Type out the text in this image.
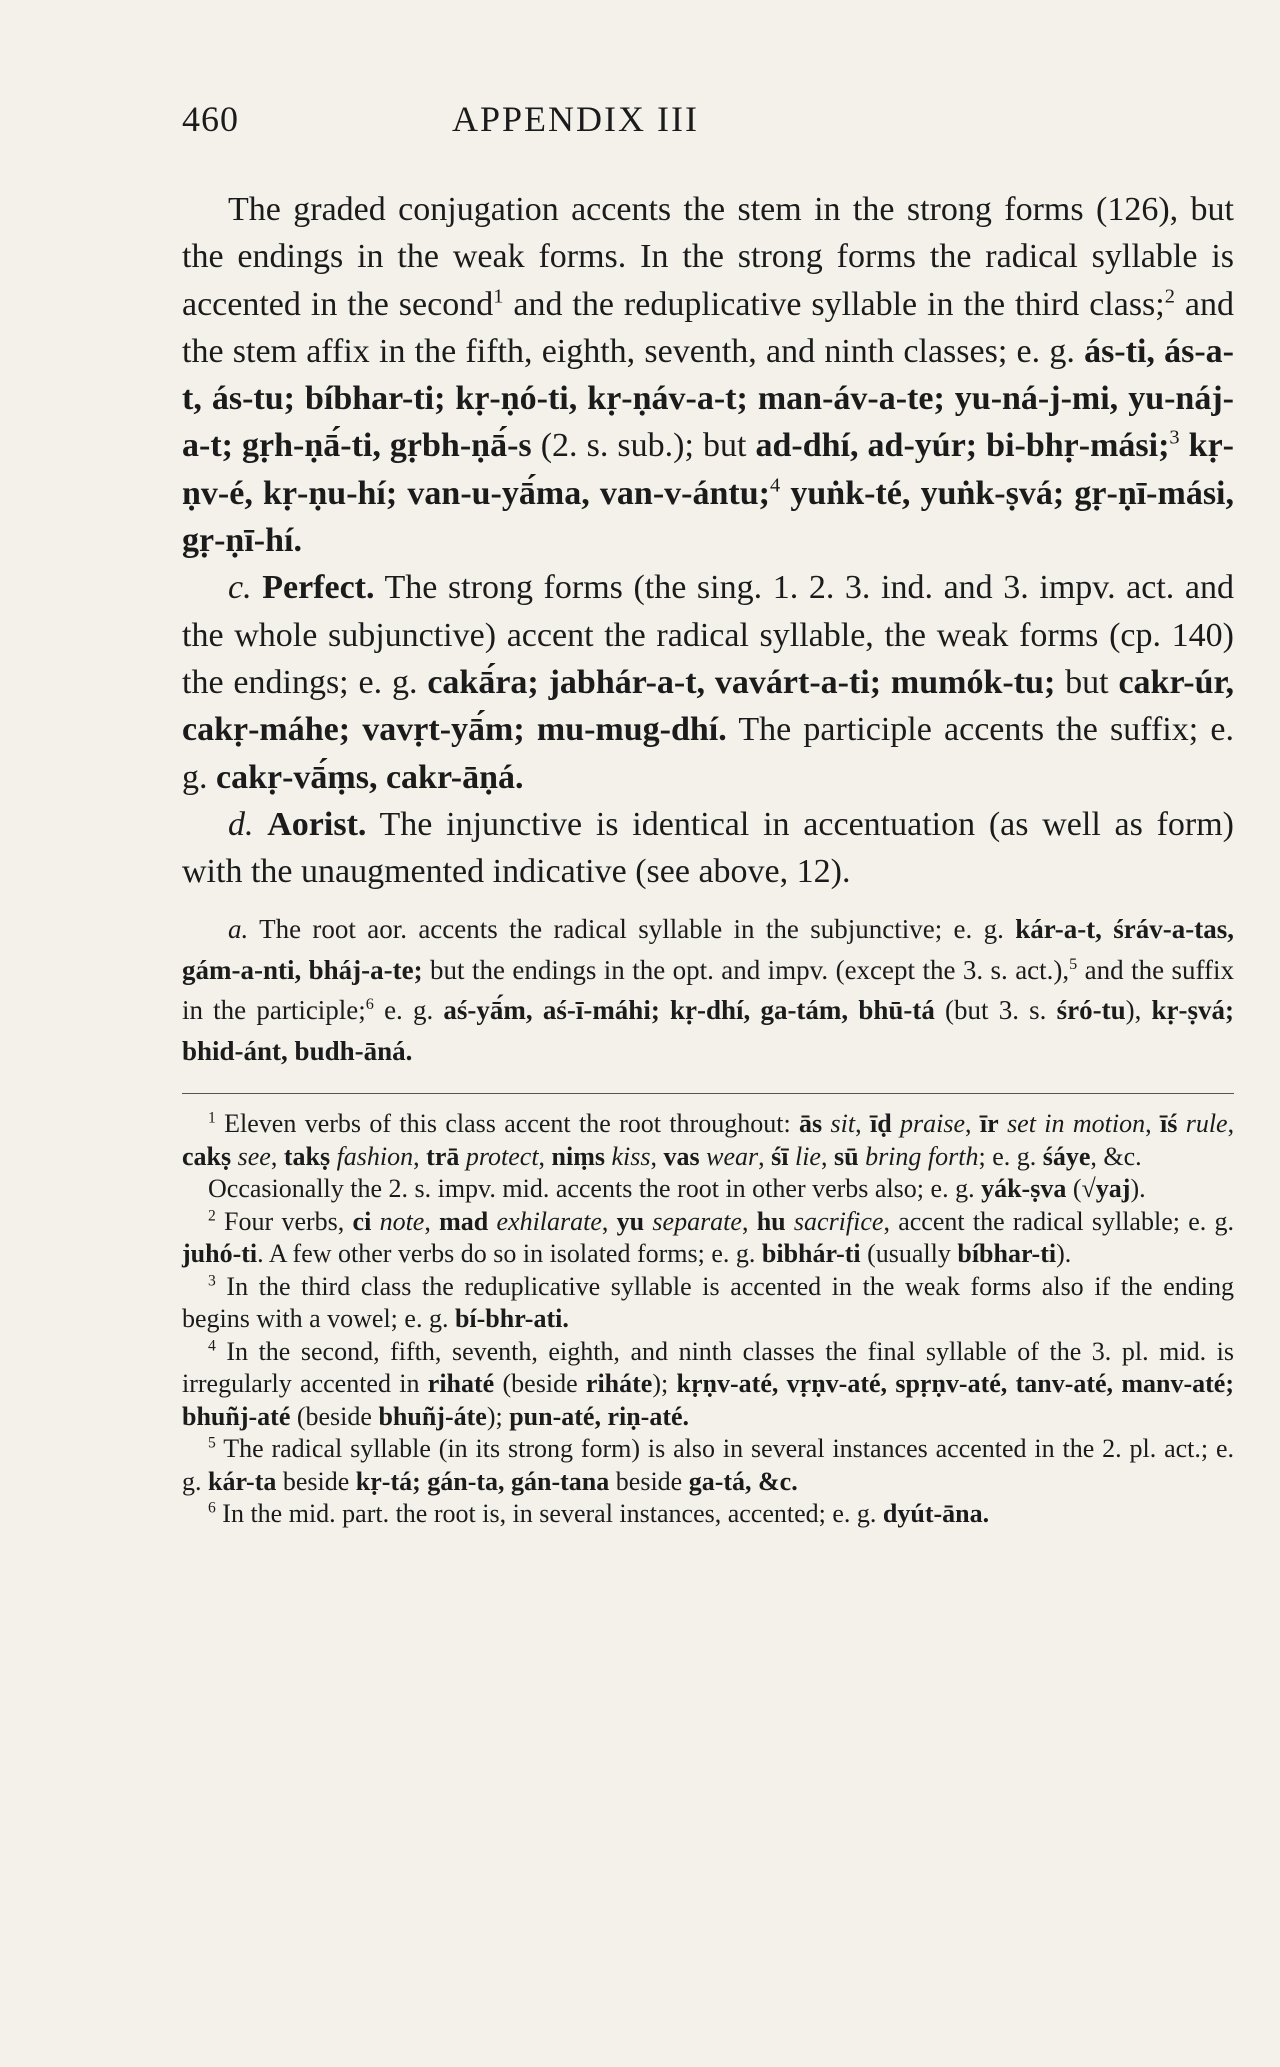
460	APPENDIX III

The graded conjugation accents the stem in the strong forms (126), but the endings in the weak forms. In the strong forms the radical syllable is accented in the second$^1$ and the reduplicative syllable in the third class;$^2$ and the stem affix in the fifth, eighth, seventh, and ninth classes; e. g. ás-ti, ás-a-t, ás-tu; bíbhar-ti; kṛ-ṇó-ti, kṛ-ṇáv-a-t; man-áv-a-te; yu-ná-j-mi, yu-náj-a-t; gṛh-ṇā́-ti, gṛbh-ṇā́-s (2. s. sub.); but ad-dhí, ad-yúr; bi-bhṛ-mási;$^3$ kṛ-ṇv-é, kṛ-ṇu-hí; van-u-yā́ma, van-v-ántu;$^4$ yuṅk-té, yuṅk-ṣvá; gṛ-ṇī-mási, gṛ-ṇī-hí.

c. Perfect. The strong forms (the sing. 1. 2. 3. ind. and 3. impv. act. and the whole subjunctive) accent the radical syllable, the weak forms (cp. 140) the endings; e. g. cakā́ra; jabhár-a-t, vavárt-a-ti; mumók-tu; but cakr-úr, cakṛ-máhe; vavṛt-yā́m; mu-mug-dhí. The participle accents the suffix; e. g. cakṛ-vā́ṃs, cakr-āṇá.

d. Aorist. The injunctive is identical in accentuation (as well as form) with the unaugmented indicative (see above, 12).

a. The root aor. accents the radical syllable in the subjunctive; e. g. kár-a-t, śráv-a-tas, gám-a-nti, bháj-a-te; but the endings in the opt. and impv. (except the 3. s. act.),$^5$ and the suffix in the participle;$^6$ e. g. aś-yā́m, aś-ī-máhi; kṛ-dhí, ga-tám, bhū-tá (but 3. s. śró-tu), kṛ-ṣvá; bhid-ánt, budh-āná.

$^1$ Eleven verbs of this class accent the root throughout: ās sit, īḍ praise, īr set in motion, īś rule, cakṣ see, takṣ fashion, trā protect, niṃs kiss, vas wear, śī lie, sū bring forth; e. g. śáye, &c.

Occasionally the 2. s. impv. mid. accents the root in other verbs also; e. g. yák-ṣva (√yaj).

$^2$ Four verbs, ci note, mad exhilarate, yu separate, hu sacrifice, accent the radical syllable; e. g. juhó-ti. A few other verbs do so in isolated forms; e. g. bibhár-ti (usually bíbhar-ti).

$^3$ In the third class the reduplicative syllable is accented in the weak forms also if the ending begins with a vowel; e. g. bí-bhr-ati.

$^4$ In the second, fifth, seventh, eighth, and ninth classes the final syllable of the 3. pl. mid. is irregularly accented in rihaté (beside riháte); kṛṇv-até, vṛṇv-até, spṛṇv-até, tanv-até, manv-até; bhuñj-até (beside bhuñj-áte); pun-até, riṇ-até.

$^5$ The radical syllable (in its strong form) is also in several instances accented in the 2. pl. act.; e. g. kár-ta beside kṛ-tá; gán-ta, gán-tana beside ga-tá, &c.

$^6$ In the mid. part. the root is, in several instances, accented; e. g. dyút-āna.
